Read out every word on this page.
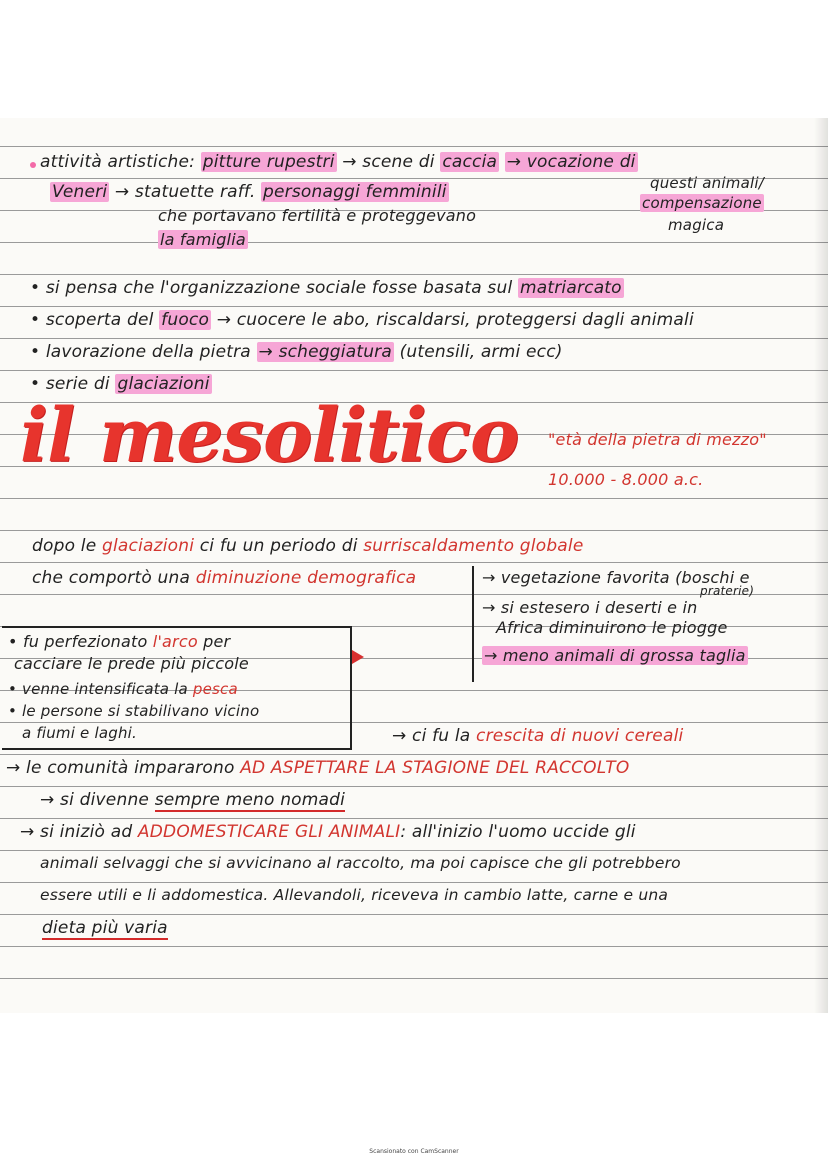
attività artistiche: pitture rupestri → scene di caccia → vocazione di
questi animali/
compensazione
magica
Veneri → statuette raff. personaggi femminili
che portavano fertilità e proteggevano
la famiglia
• si pensa che l'organizzazione sociale fosse basata sul matriarcato
• scoperta del fuoco → cuocere le abo, riscaldarsi, proteggersi dagli animali
• lavorazione della pietra → scheggiatura (utensili, armi ecc)
• serie di glaciazioni
il mesolitico "età della pietra di mezzo"
10.000 - 8.000 a.c.
dopo le glaciazioni ci fu un periodo di surriscaldamento globale
che comportò una diminuzione demografica	→ vegetazione favorita (boschi e
praterie)
→ si estesero i deserti e in
Africa diminuirono le piogge
→ meno animali di grossa taglia
• fu perfezionato l'arco per
cacciare le prede più piccole
• venne intensificata la pesca
• le persone si stabilivano vicino
a fiumi e laghi.	→ ci fu la crescita di nuovi cereali
→ le comunità impararono AD ASPETTARE LA STAGIONE DEL RACCOLTO
→ si divenne sempre meno nomadi
→ si iniziò ad ADDOMESTICARE GLI ANIMALI: all'inizio l'uomo uccide gli
animali selvaggi che si avvicinano al raccolto, ma poi capisce che gli potrebbero
essere utili e li addomestica. Allevandoli, riceveva in cambio latte, carne e una
dieta più varia
Scansionato con CamScanner
